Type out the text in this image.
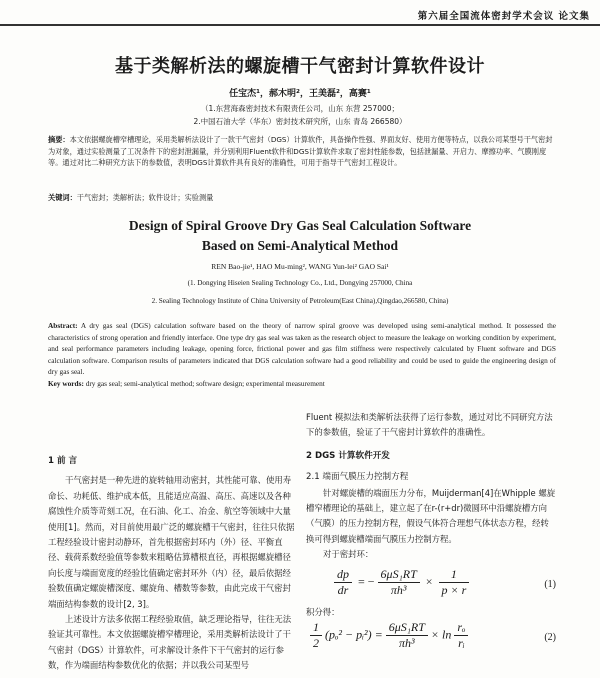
第六届全国流体密封学术会议 论文集
基于类解析法的螺旋槽干气密封计算软件设计
任宝杰¹，郝木明²，王美磊²，高赛¹
（1.东营海森密封技术有限责任公司，山东 东营 257000；
2.中国石油大学（华东）密封技术研究所，山东 青岛 266580）
摘要：本文依据螺旋槽窄槽理论，采用类解析法设计了一款干气密封（DGS）计算软件，具备操作性强、界面友好、使用方便等特点，以我公司某型号干气密封为对象，通过实验测量了工况条件下的密封泄漏量，并分别利用Fluent软件和DGS计算软件求取了密封性能参数，包括泄漏量、开启力、摩擦功率、气膜刚度等。通过对比二种研究方法下的参数值，表明DGS计算软件具有良好的准确性，可用于指导干气密封工程设计。
关键词：干气密封；类解析法；软件设计；实验测量
Design of Spiral Groove Dry Gas Seal Calculation Software
Based on Semi-Analytical Method
REN Bao-jie¹, HAO Mu-ming², WANG Yun-lei² GAO Sai¹
(1. Dongying Hiseien Sealing Technology Co., Ltd., Dongying 257000, China
2. Sealing Technology Institute of China University of Petroleum(East China),Qingdao,266580, China)
Abstract: A dry gas seal (DGS) calculation software based on the theory of narrow spiral groove was developed using semi-analytical method. It possessed the characteristics of strong operation and friendly interface. One type dry gas seal was taken as the research object to measure the leakage on working condition by experiment, and seal performance parameters including leakage, opening force, frictional power and gas film stiffness were respectively calculated by Fluent software and DGS calculation software. Comparison results of parameters indicated that DGS calculation software had a good reliability and could be used to guide the engineering design of dry gas seal.
Key words: dry gas seal; semi-analytical method; software design; experimental measurement
1 前 言
干气密封是一种先进的旋转轴用动密封，其性能可靠、使用寿命长、功耗低、维护成本低，且能适应高温、高压、高速以及各种腐蚀性介质等苛刻工况，在石油、化工、冶金、航空等领域中大量使用[1]。然而，对目前使用最广泛的螺旋槽干气密封，往往只依据工程经验设计密封动静环，首先根据密封环内（外）径、平衡直径、载荷系数经验值等参数来粗略估算槽根直径，再根据螺旋槽径向长度与端面宽度的经验比值确定密封环外（内）径，最后依据经验数值确定螺旋槽深度、螺旋角、槽数等参数，由此完成干气密封端面结构参数的设计[2, 3]。
上述设计方法多依据工程经验取值，缺乏理论指导，往往无法验证其可靠性。本文依据螺旋槽窄槽理论，采用类解析法设计了干气密封（DGS）计算软件，可求解设计条件下干气密封的运行参数，作为端面结构参数优化的依据；并以我公司某型号
Fluent 模拟法和类解析法获得了运行参数，通过对比不同研究方法下的参数值，验证了干气密封计算软件的准确性。
2 DGS 计算软件开发
2.1 端面气膜压力控制方程
针对螺旋槽的端面压力分布，Muijderman[4]在Whipple 螺旋槽窄槽理论的基础上，建立起了在r-(r+dr)微圆环中沿螺旋槽方向（气膜）的压力控制方程，假设气体符合理想气体状态方程，经转换可得到螺旋槽端面气膜压力控制方程。
对于密封环：
$\frac{dp}{dr}$ = − $\frac{\text{6μS₁RT}}{\text{πh³}} \times \frac{1}{p \times r}$	(1)
积分得：
$\frac{1}{2} (p_o^2$ − pᵢ²) = $\frac{\text{6μS₁RT}}{\text{πh³}} \times \ln \frac{\text{rₒ}}{\text{rᵢ}}$	(2)
